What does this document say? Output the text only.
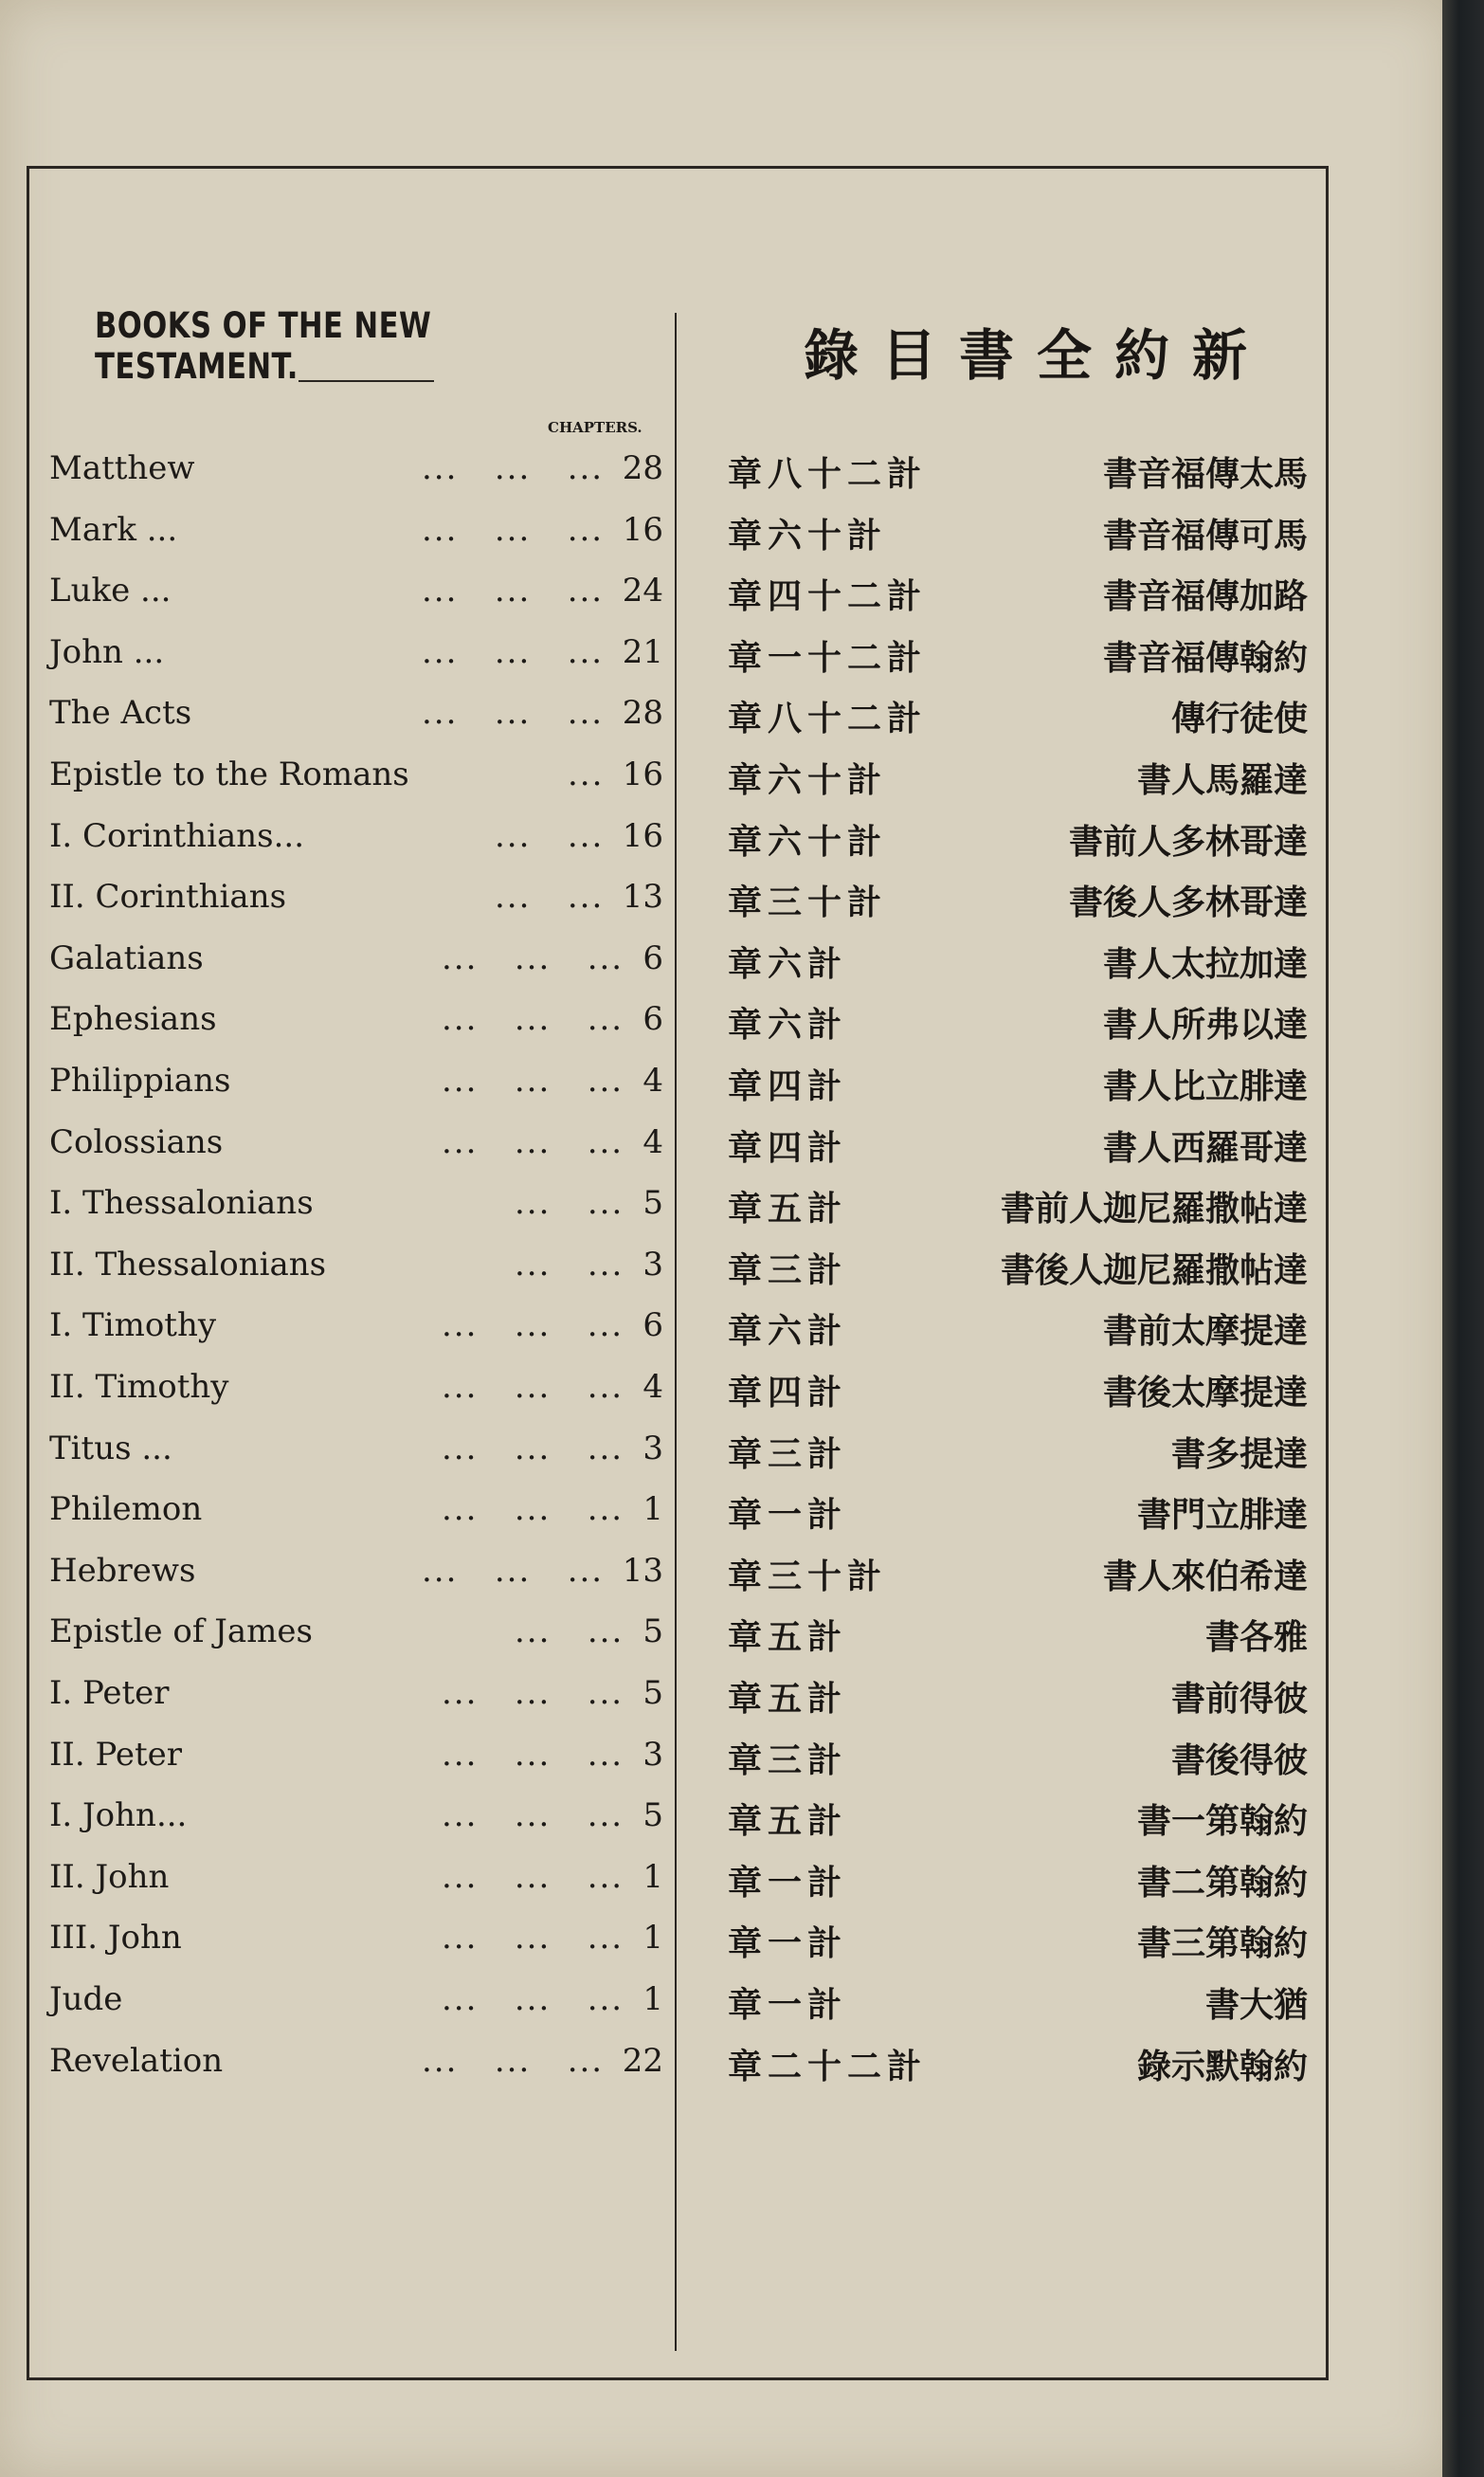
BOOKS OF THE NEW TESTAMENT.
CHAPTERS.
新約全書目錄
Matthew	...   ...   ... 28
Mark ...	...   ...   ... 16
Luke ...	...   ...   ... 24
John ...	...   ...   ... 21
The Acts	...   ...   ... 28
Epistle to the Romans	... 16
I. Corinthians...	...   ... 16
II. Corinthians	...   ... 13
Galatians	...   ...   ... 6
Ephesians	...   ...   ... 6
Philippians	...   ...   ... 4
Colossians	...   ...   ... 4
I. Thessalonians	...   ... 5
II. Thessalonians	...   ... 3
I. Timothy	...   ...   ... 6
II. Timothy	...   ...   ... 4
Titus ...	...   ...   ... 3
Philemon	...   ...   ... 1
Hebrews	...   ...   ... 13
Epistle of James	...   ... 5
I. Peter	...   ...   ... 5
II. Peter	...   ...   ... 3
I. John...	...   ...   ... 5
II. John	...   ...   ... 1
III. John	...   ...   ... 1
Jude	...   ...   ... 1
Revelation	...   ...   ... 22
章 計二十八	馬太傳福音書
章 計十六	馬可傳福音書
章 計二十四	路加傳福音書
章 計二十一	約翰傳福音書
章 計二十八	使徒行傳
章 計十六	達羅馬人書
章 計十六	達哥林多人前書
章 計十三	達哥林多人後書
章 計六	達加拉太人書
章 計六	達以弗所人書
章 計四	達腓立比人書
章 計四	達哥羅西人書
章 計五	達帖撒羅尼迦人前書
章 計三	達帖撒羅尼迦人後書
章 計六	達提摩太前書
章 計四	達提摩太後書
章 計三	達提多書
章 計一	達腓立門書
章 計十三	達希伯來人書
章 計五	雅各書
章 計五	彼得前書
章 計三	彼得後書
章 計五	約翰第一書
章 計一	約翰第二書
章 計一	約翰第三書
章 計一	猶大書
章 計二十二	約翰默示錄
